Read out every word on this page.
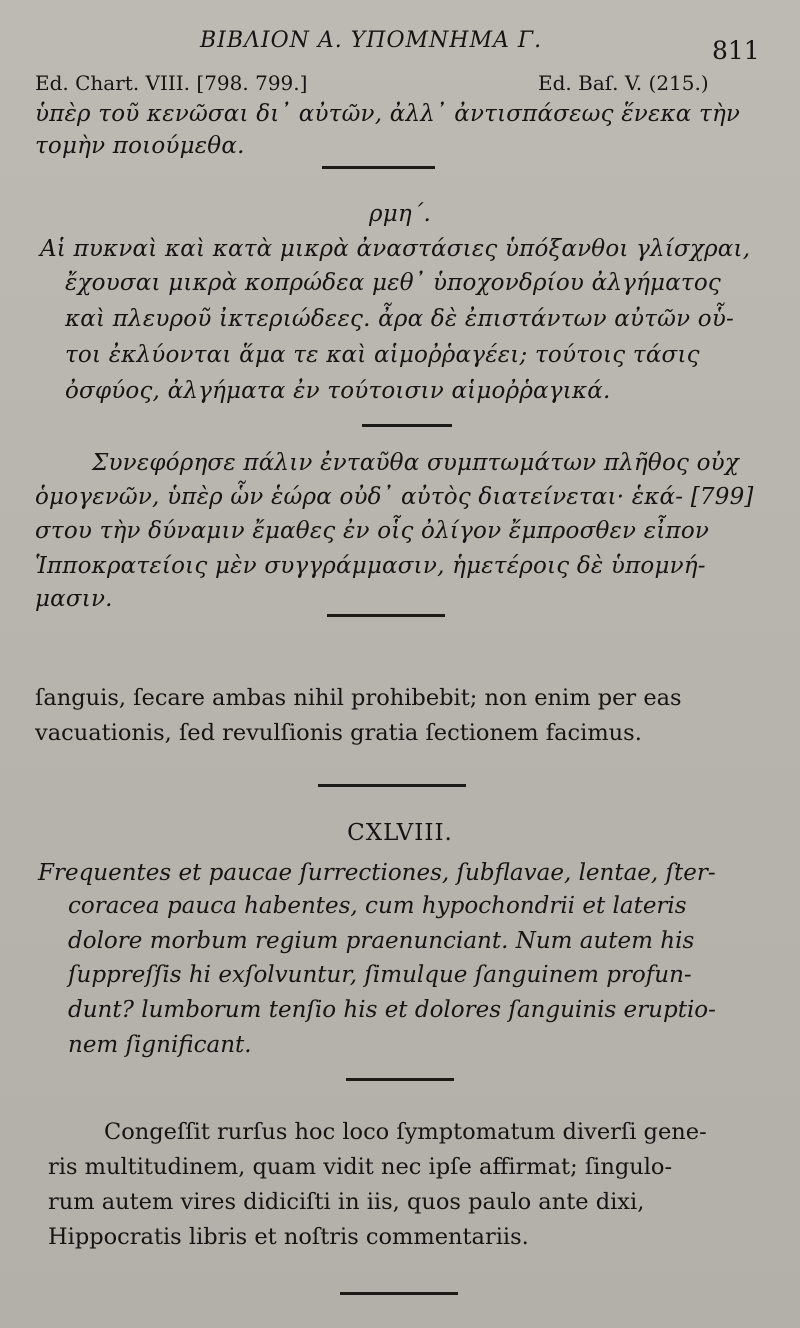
ΒΙΒΛΙΟΝ Α. ΥΠΟΜΝΗΜΑ Γ.	811
Ed. Chart. VIII. [798. 799.]	Ed. Baſ. V. (215.)
ὑπὲρ τοῦ κενῶσαι δι᾽ αὐτῶν, ἀλλ᾽ ἀντισπάσεως ἕνεκα τὴν
τομὴν ποιούμεθα.
ρμη΄.
Αἱ πυκναὶ καὶ κατὰ μικρὰ ἀναστάσιες ὑπόξανθοι γλίσχραι,
ἔχουσαι μικρὰ κοπρώδεα μεθ᾽ ὑποχονδρίου ἀλγήματος
καὶ πλευροῦ ἰκτεριώδεες. ἆρα δὲ ἐπιστάντων αὐτῶν οὗ-
τοι ἐκλύονται ἅμα τε καὶ αἱμοῤῥαγέει; τούτοις τάσις
ὀσφύος, ἀλγήματα ἐν τούτοισιν αἱμοῤῥαγικά.
Συνεφόρησε πάλιν ἐνταῦθα συμπτωμάτων πλῆθος οὐχ
ὁμογενῶν, ὑπὲρ ὧν ἑώρα οὐδ᾽ αὐτὸς διατείνεται· ἑκά- [799]
στου τὴν δύναμιν ἔμαθες ἐν οἷς ὀλίγον ἔμπροσθεν εἶπον
Ἱπποκρατείοις μὲν συγγράμμασιν, ἡμετέροις δὲ ὑπομνή-
μασιν.
ſanguis, ſecare ambas nihil prohibebit; non enim per eas
vacuationis, ſed revulſionis gratia ſectionem facimus.
CXLVIII.
Frequentes et paucae ſurrectiones, ſubflavae, lentae, ſter-
coracea pauca habentes, cum hypochondrii et lateris
dolore morbum regium praenunciant. Num autem his
ſuppreſſis hi exſolvuntur, ſimulque ſanguinem profun-
dunt? lumborum tenſio his et dolores ſanguinis eruptio-
nem ſignificant.
Congeſſit rurſus hoc loco ſymptomatum diverſi gene-
ris multitudinem, quam vidit nec ipſe affirmat; ſingulo-
rum autem vires didiciſti in iis, quos paulo ante dixi,
Hippocratis libris et noſtris commentariis.
